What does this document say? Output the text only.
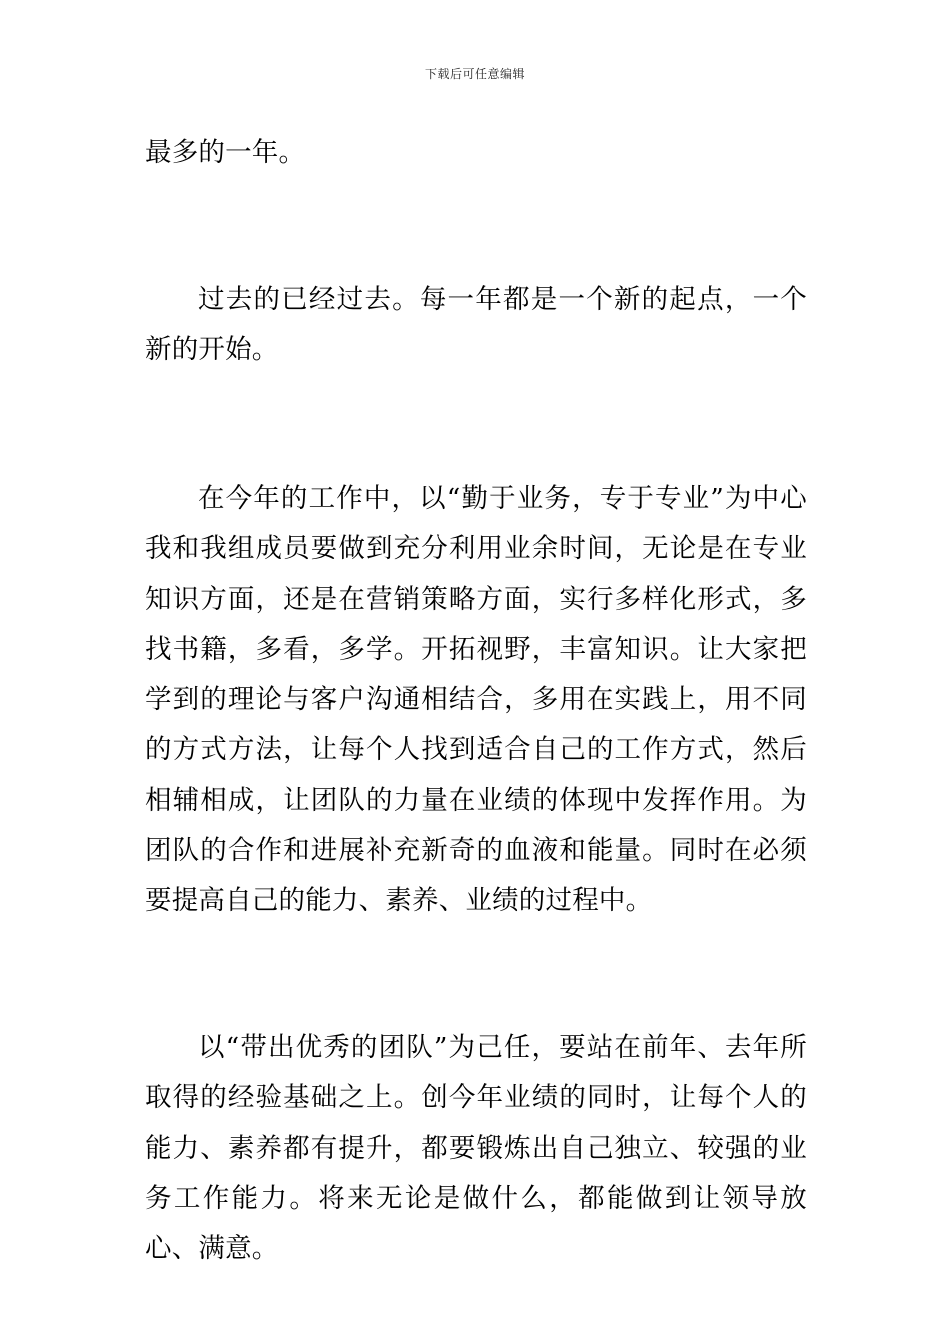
下载后可任意编辑

最多的一年。

过去的已经过去。每一年都是一个新的起点，一个新的开始。

在今年的工作中，以“勤于业务，专于专业”为中心我和我组成员要做到充分利用业余时间，无论是在专业知识方面，还是在营销策略方面，实行多样化形式，多找书籍，多看，多学。开拓视野，丰富知识。让大家把学到的理论与客户沟通相结合，多用在实践上，用不同的方式方法，让每个人找到适合自己的工作方式，然后相辅相成，让团队的力量在业绩的体现中发挥作用。为团队的合作和进展补充新奇的血液和能量。同时在必须要提高自己的能力、素养、业绩的过程中。

以“带出优秀的团队”为己任，要站在前年、去年所取得的经验基础之上。创今年业绩的同时，让每个人的能力、素养都有提升，都要锻炼出自己独立、较强的业务工作能力。将来无论是做什么，都能做到让领导放心、满意。
